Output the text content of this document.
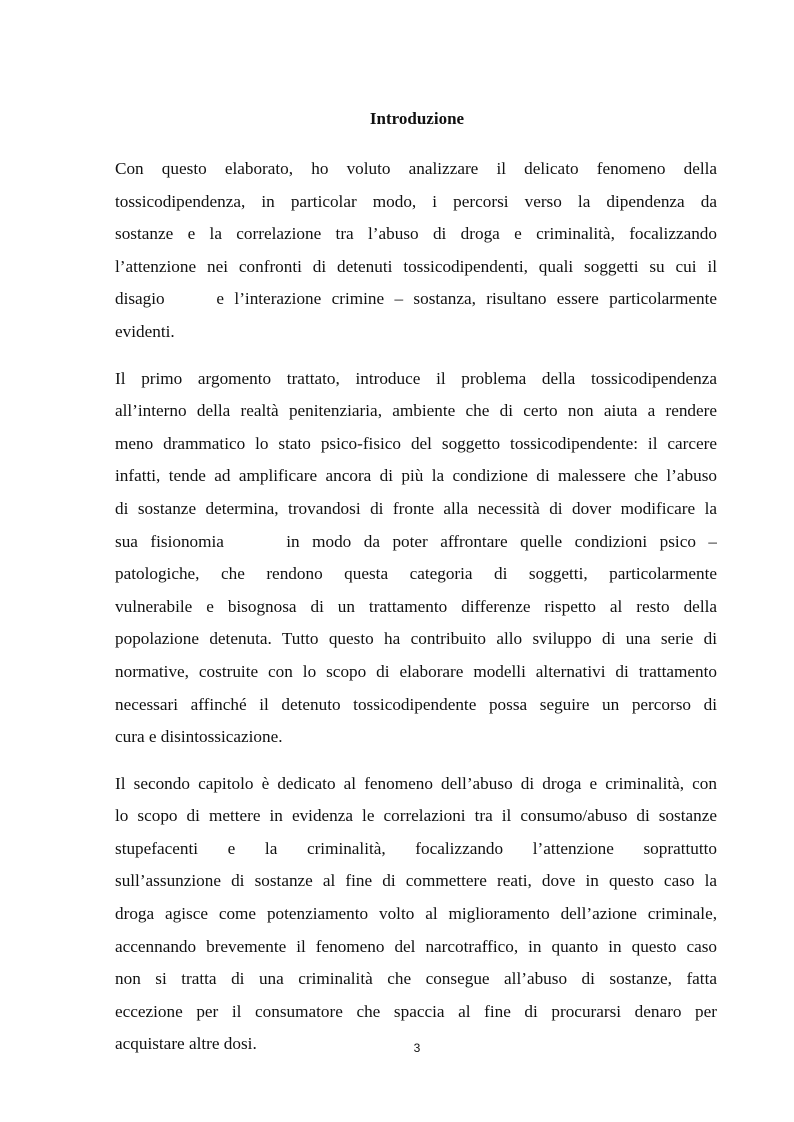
Introduzione
Con questo elaborato, ho voluto analizzare il delicato fenomeno della
tossicodipendenza, in particolar modo, i percorsi verso la dipendenza da
sostanze e la correlazione tra l’abuso di droga e criminalità, focalizzando
l’attenzione nei confronti di detenuti tossicodipendenti, quali soggetti su cui il
disagio     e l’interazione crimine – sostanza, risultano essere particolarmente
evidenti.
Il primo argomento trattato, introduce il problema della tossicodipendenza
all’interno della realtà penitenziaria, ambiente che di certo non aiuta a rendere
meno drammatico lo stato psico-fisico del soggetto tossicodipendente: il carcere
infatti, tende ad amplificare ancora di più la condizione di malessere che l’abuso
di sostanze determina, trovandosi di fronte alla necessità di dover modificare la
sua fisionomia     in modo da poter affrontare quelle condizioni psico –
patologiche, che rendono questa categoria di soggetti, particolarmente
vulnerabile e bisognosa di un trattamento differenze rispetto al resto della
popolazione detenuta. Tutto questo ha contribuito allo sviluppo di una serie di
normative, costruite con lo scopo di elaborare modelli alternativi di trattamento
necessari affinché il detenuto tossicodipendente possa seguire un percorso di
cura e disintossicazione.
Il secondo capitolo è dedicato al fenomeno dell’abuso di droga e criminalità, con
lo scopo di mettere in evidenza le correlazioni tra il consumo/abuso di sostanze
stupefacenti e la criminalità, focalizzando l’attenzione soprattutto
sull’assunzione di sostanze al fine di commettere reati, dove in questo caso la
droga agisce come potenziamento volto al miglioramento dell’azione criminale,
accennando brevemente il fenomeno del narcotraffico, in quanto in questo caso
non si tratta di una criminalità che consegue all’abuso di sostanze, fatta
eccezione per il consumatore che spaccia al fine di procurarsi denaro per
acquistare altre dosi.	3
